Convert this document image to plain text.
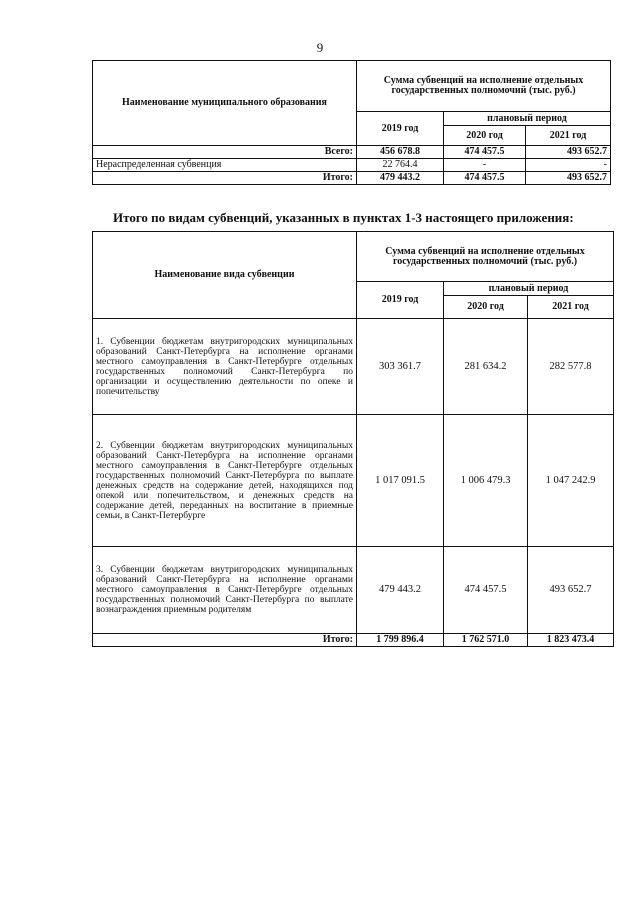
9
Наименование муниципального образования	Сумма субвенций на исполнение отдельных государственных полномочий (тыс. руб.)		
	2019 год	плановый период	
		2020 год	2021 год
Всего:	456 678.8	474 457.5	493 652.7
Нераспределенная субвенция	22 764.4	-	-
Итого:	479 443.2	474 457.5	493 652.7

Итого по видам субвенций, указанных в пунктах 1-3 настоящего приложения:

Наименование вида субвенции	Сумма субвенций на исполнение отдельных государственных полномочий (тыс. руб.)		
	2019 год	плановый период	
		2020 год	2021 год
1. Субвенции бюджетам внутригородских муниципальных образований Санкт-Петербурга на исполнение органами местного самоуправления в Санкт-Петербурге отдельных государственных полномочий Санкт-Петербурга по организации и осуществлению деятельности по опеке и попечительству	303 361.7	281 634.2	282 577.8
2. Субвенции бюджетам внутригородских муниципальных образований Санкт-Петербурга на исполнение органами местного самоуправления в Санкт-Петербурге отдельных государственных полномочий Санкт-Петербурга по выплате денежных средств на содержание детей, находящихся под опекой или попечительством, и денежных средств на содержание детей, переданных на воспитание в приемные семьи, в Санкт-Петербурге	1 017 091.5	1 006 479.3	1 047 242.9
3. Субвенции бюджетам внутригородских муниципальных образований Санкт-Петербурга на исполнение органами местного самоуправления в Санкт-Петербурге отдельных государственных полномочий Санкт-Петербурга по выплате вознаграждения приемным родителям	479 443.2	474 457.5	493 652.7
Итого:	1 799 896.4	1 762 571.0	1 823 473.4
